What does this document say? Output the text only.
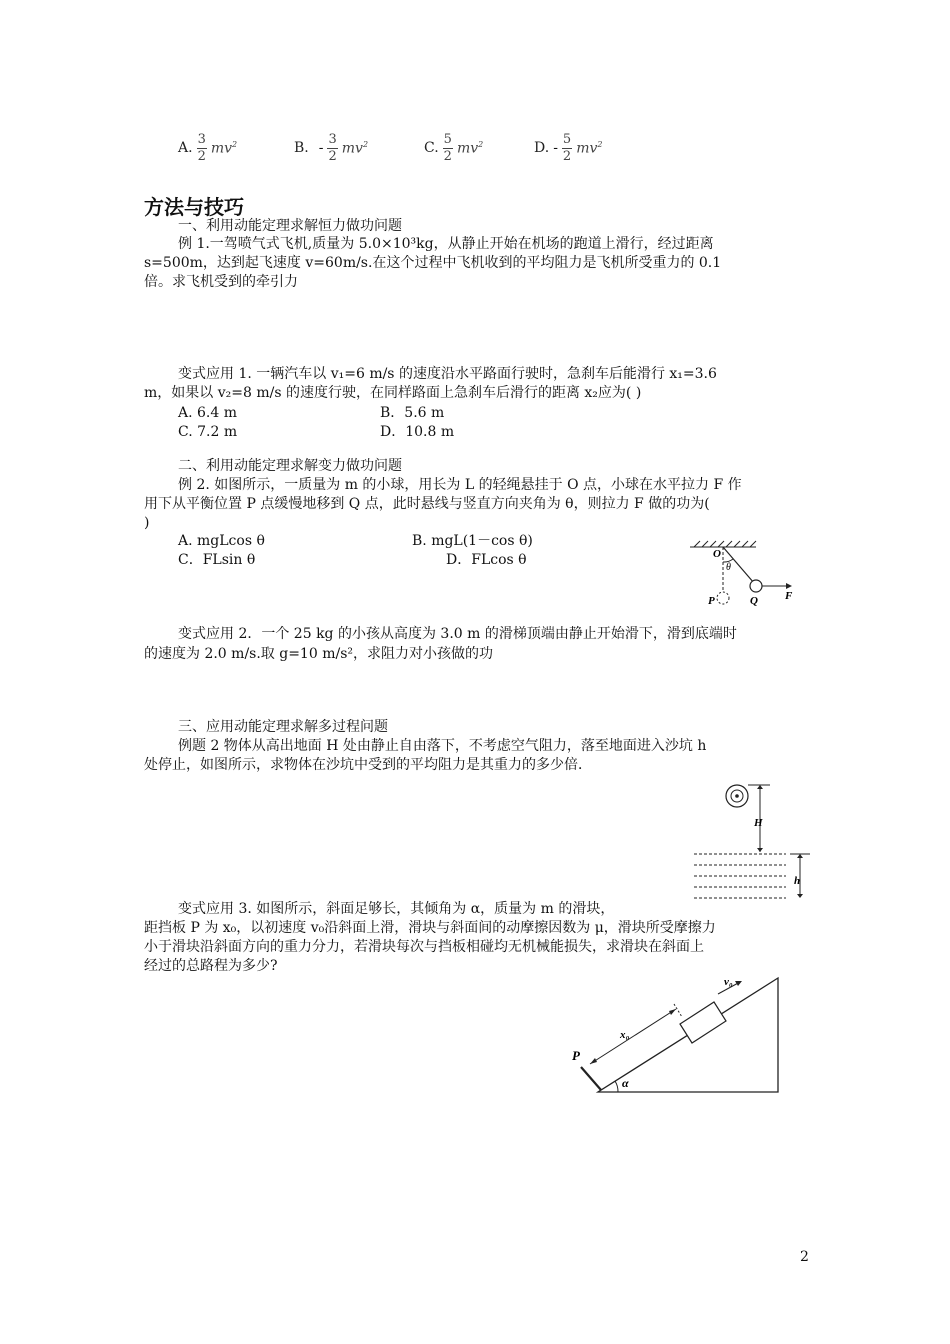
A. $\frac{3}{2} mv^2$	B. - $\frac{3}{2} mv^2$	C. $\frac{5}{2} mv^2$	D. - $\frac{5}{2} mv^2$
方法与技巧
一、利用动能定理求解恒力做功问题
例 1.一驾喷气式飞机,质量为 5.0×10³kg，从静止开始在机场的跑道上滑行，经过距离
s=500m，达到起飞速度 v=60m/s.在这个过程中飞机收到的平均阻力是飞机所受重力的 0.1
倍。求飞机受到的牵引力
变式应用 1. 一辆汽车以 v₁=6 m/s 的速度沿水平路面行驶时，急刹车后能滑行 x₁=3.6
m，如果以 v₂=8 m/s 的速度行驶，在同样路面上急刹车后滑行的距离 x₂应为( )
A. 6.4 m	B．5.6 m
C. 7.2 m	D．10.8 m
二、利用动能定理求解变力做功问题
例 2. 如图所示，一质量为 m 的小球，用长为 L 的轻绳悬挂于 O 点，小球在水平拉力 F 作
用下从平衡位置 P 点缓慢地移到 Q 点，此时悬线与竖直方向夹角为 θ，则拉力 F 做的功为(
)
A. mgLcos θ	B. mgL(1－cos θ)
C．FLsin θ	D．FLcos θ	O
θ
P	Q F
变式应用 2．一个 25 kg 的小孩从高度为 3.0 m 的滑梯顶端由静止开始滑下，滑到底端时
的速度为 2.0 m/s.取 g=10 m/s²，求阻力对小孩做的功
三、应用动能定理求解多过程问题
例题 2 物体从高出地面 H 处由静止自由落下，不考虑空气阻力，落至地面进入沙坑 h
处停止，如图所示，求物体在沙坑中受到的平均阻力是其重力的多少倍．
H
h
变式应用 3. 如图所示，斜面足够长，其倾角为 α，质量为 m 的滑块，
距挡板 P 为 x₀，以初速度 v₀沿斜面上滑，滑块与斜面间的动摩擦因数为 μ，滑块所受摩擦力
小于滑块沿斜面方向的重力分力，若滑块每次与挡板相碰均无机械能损失，求滑块在斜面上
经过的总路程为多少?
P
x₀
v₀
α
2
